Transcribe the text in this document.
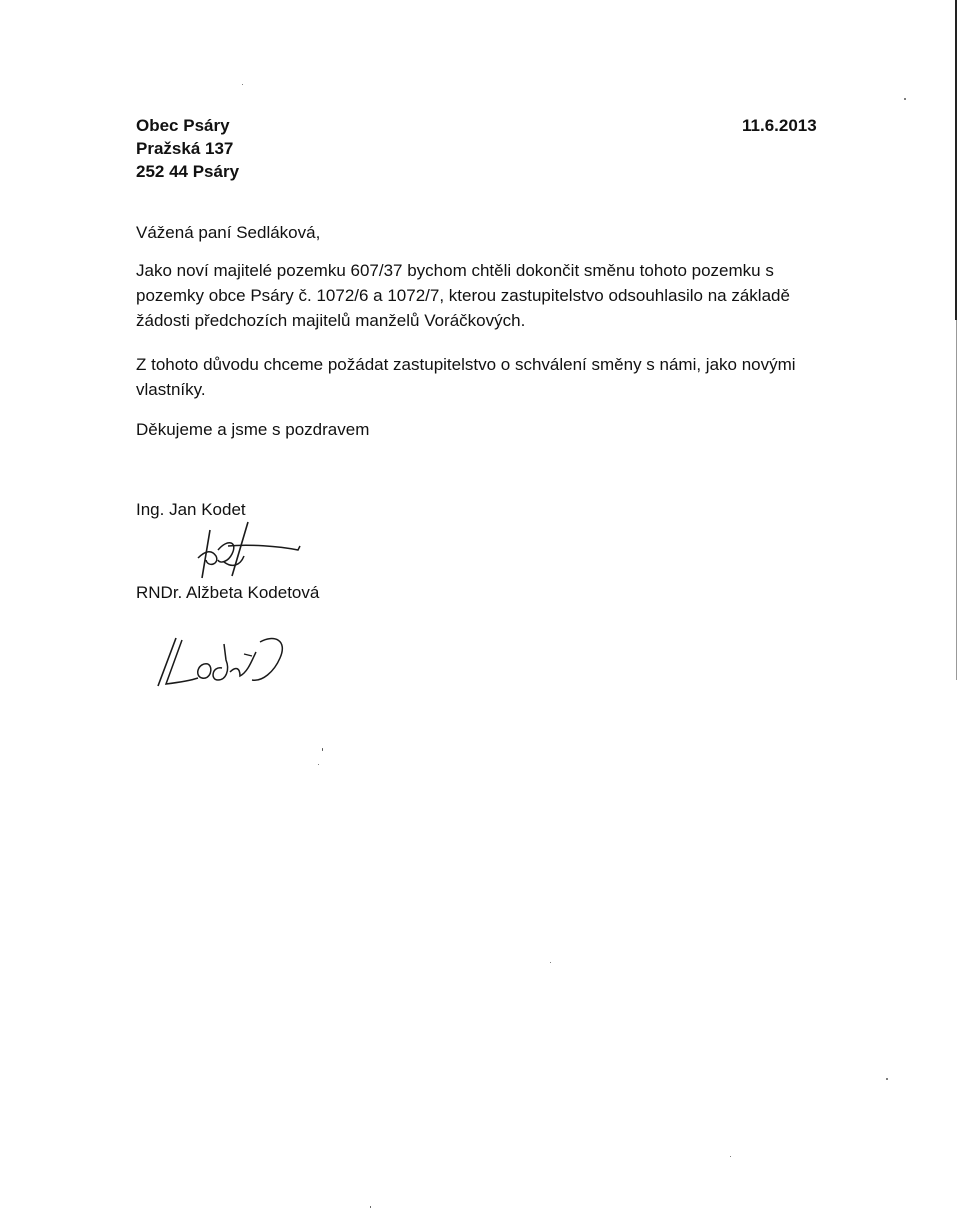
Obec Psáry
Pražská 137
252 44 Psáry
11.6.2013
Vážená paní Sedláková,
Jako noví majitelé pozemku 607/37 bychom chtěli dokončit směnu tohoto pozemku s pozemky obce Psáry č. 1072/6 a 1072/7, kterou zastupitelstvo odsouhlasilo na základě žádosti předchozích majitelů manželů Voráčkových.
Z tohoto důvodu chceme požádat zastupitelstvo o schválení směny s námi, jako novými vlastníky.
Děkujeme a jsme s pozdravem
Ing. Jan Kodet
RNDr. Alžbeta Kodetová
